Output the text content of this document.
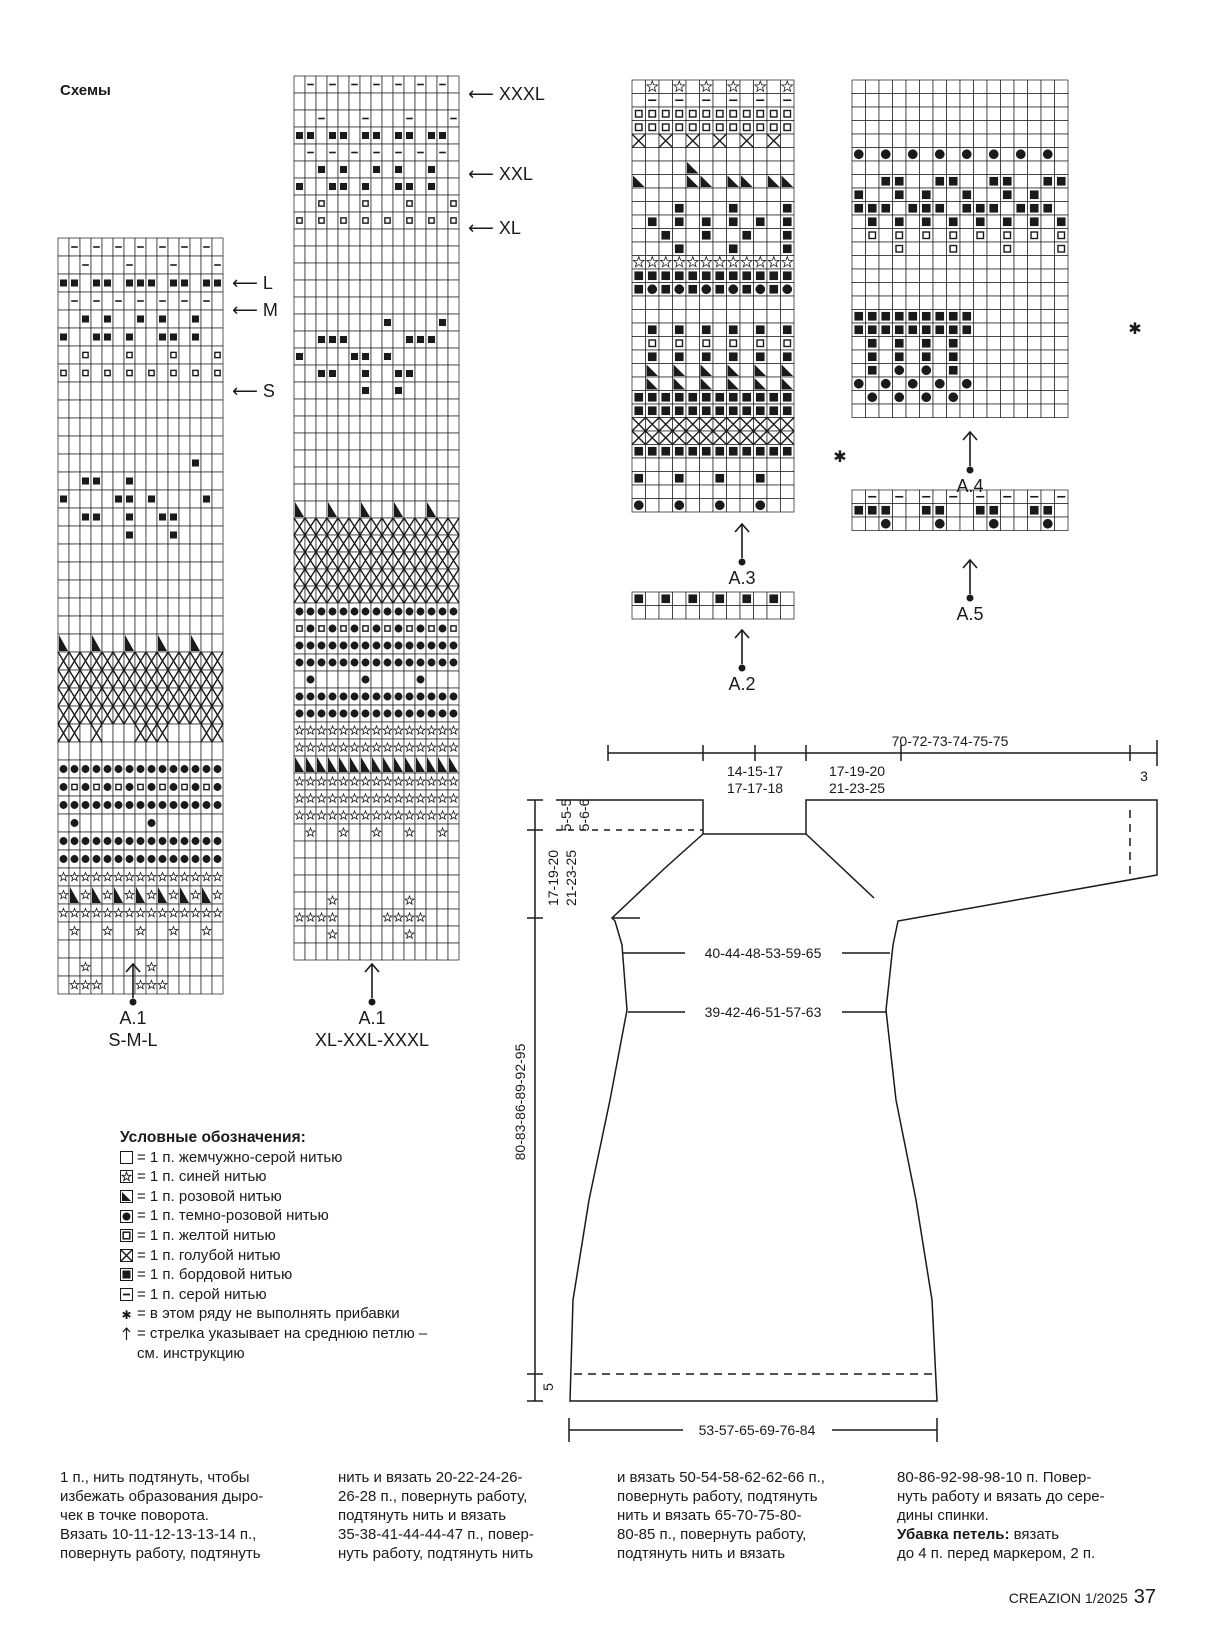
Схемы
⟵ L
⟵ M
⟵ S
⟵ XXXL
⟵ XXL
⟵ XL
✱
✱
A.1
S-M-L
A.1
XL-XXL-XXXL
A.3
A.2
A.4
A.5
70-72-73-74-75-75
14-15-17
17-17-18
17-19-20
21-23-25
3
40-44-48-53-59-65
39-42-46-51-57-63
53-57-65-69-76-84
5-5-5 5-6-6
17-19-20 21-23-25
80-83-86-89-92-95
5
Условные обозначения:
= 1 п. жемчужно-серой нитью
= 1 п. синей нитью
= 1 п. розовой нитью
= 1 п. темно-розовой нитью
= 1 п. желтой нитью
= 1 п. голубой нитью
= 1 п. бордовой нитью
= 1 п. серой нитью
✱ = в этом ряду не выполнять прибавки
= стрелка указывает на среднюю петлю –
см. инструкцию
1 п., нить подтянуть, чтобы
избежать образования дыро-
чек в точке поворота.
Вязать 10-11-12-13-13-14 п.,
повернуть работу, подтянуть
нить и вязать 20-22-24-26-
26-28 п., повернуть работу,
подтянуть нить и вязать
35-38-41-44-44-47 п., повер-
нуть работу, подтянуть нить
и вязать 50-54-58-62-62-66 п.,
повернуть работу, подтянуть
нить и вязать 65-70-75-80-
80-85 п., повернуть работу,
подтянуть нить и вязать
80-86-92-98-98-10 п. Повер-
нуть работу и вязать до сере-
дины спинки.
Убавка петель: вязать
до 4 п. перед маркером, 2 п.
CREAZION 1/2025 37
